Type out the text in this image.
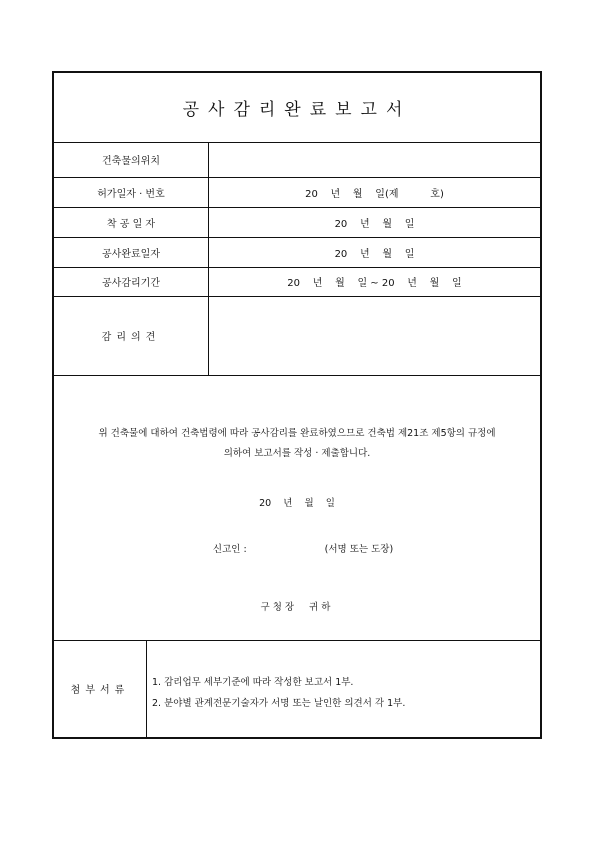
공사감리완료보고서
건축물의위치
허가일자 · 번호	20    년    월    일(제          호)
착 공 일 자	20    년    월    일
공사완료일자	20    년    월    일
공사감리기간	20    년    월    일 ~ 20    년    월    일
감리의견
위 건축물에 대하여 건축법령에 따라 공사감리를 완료하였으므로 건축법 제21조 제5항의 규정에
의하여 보고서를 작성 · 제출합니다.
20    년    월    일

신고인 :	(서명 또는 도장)

구청장  귀하
첨부서류
1. 감리업무 세부기준에 따라 작성한 보고서 1부.
2. 분야별 관계전문기술자가 서명 또는 날인한 의견서 각 1부.
